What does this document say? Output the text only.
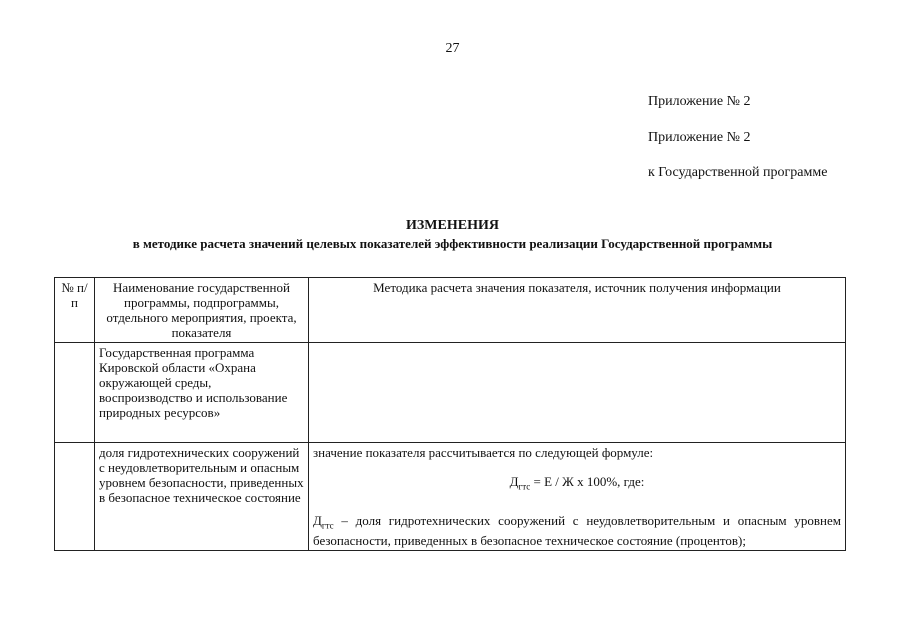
27
Приложение № 2
Приложение № 2
к Государственной программе
ИЗМЕНЕНИЯ
в методике расчета значений целевых показателей эффективности реализации Государственной программы
№ п/п	Наименование государственной программы, подпрограммы, отдельного мероприятия, проекта, показателя	Методика расчета значения показателя, источник получения информации
	Государственная программа Кировской области «Охрана окружающей среды, воспроизводство и использование природных ресурсов»	
	доля гидротехнических сооружений с неудовлетворительным и опасным уровнем безопасности, приведенных в безопасное техническое состояние	значение показателя рассчитывается по следующей формуле:
$Д_{гтс} = Е / Ж$ х 100%, где:
$Д_{гтс}$ – доля гидротехнических сооружений с неудовлетворительным и опасным уровнем безопасности, приведенных в безопасное техническое состояние (процентов);
